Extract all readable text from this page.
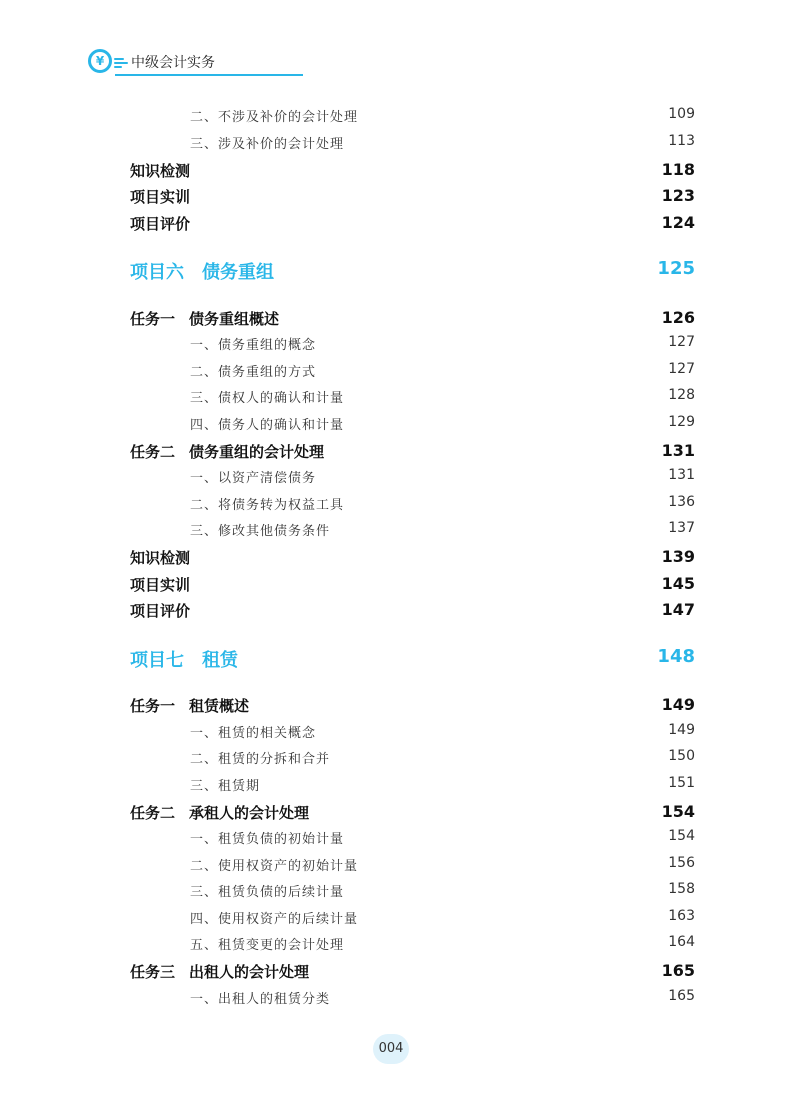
¥	中级会计实务
二、不涉及补价的会计处理	109
三、涉及补价的会计处理	113
知识检测	118
项目实训	123
项目评价	124
项目六 债务重组	125
任务一 债务重组概述	126
一、债务重组的概念	127
二、债务重组的方式	127
三、债权人的确认和计量	128
四、债务人的确认和计量	129
任务二 债务重组的会计处理	131
一、以资产清偿债务	131
二、将债务转为权益工具	136
三、修改其他债务条件	137
知识检测	139
项目实训	145
项目评价	147
项目七 租赁	148
任务一 租赁概述	149
一、租赁的相关概念	149
二、租赁的分拆和合并	150
三、租赁期	151
任务二 承租人的会计处理	154
一、租赁负债的初始计量	154
二、使用权资产的初始计量	156
三、租赁负债的后续计量	158
四、使用权资产的后续计量	163
五、租赁变更的会计处理	164
任务三 出租人的会计处理	165
一、出租人的租赁分类	165
004
